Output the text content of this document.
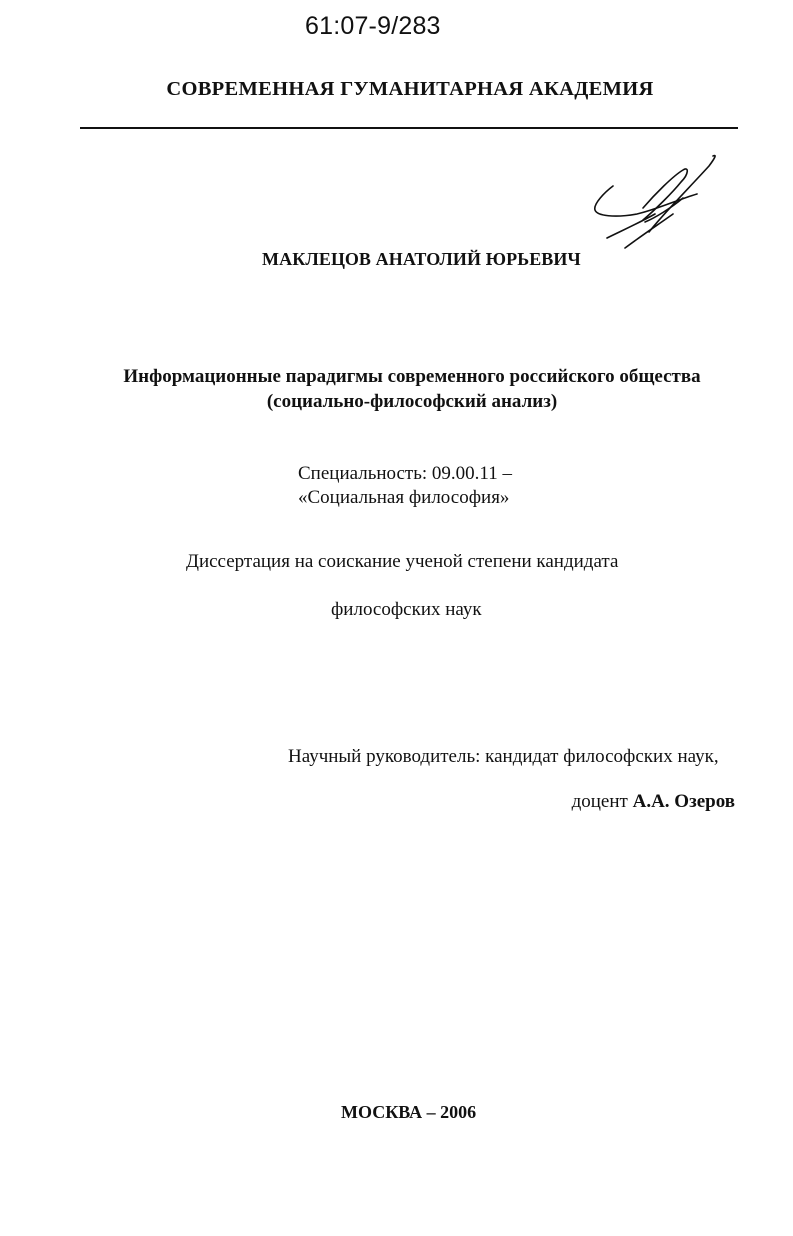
61:07-9/283
СОВРЕМЕННАЯ ГУМАНИТАРНАЯ АКАДЕМИЯ
МАКЛЕЦОВ АНАТОЛИЙ ЮРЬЕВИЧ
Информационные парадигмы современного российского общества
(социально-философский анализ)
Специальность: 09.00.11 –
«Социальная философия»
Диссертация на соискание ученой степени кандидата
философских наук
Научный руководитель: кандидат философских наук,
доцент А.А. Озеров
МОСКВА – 2006
